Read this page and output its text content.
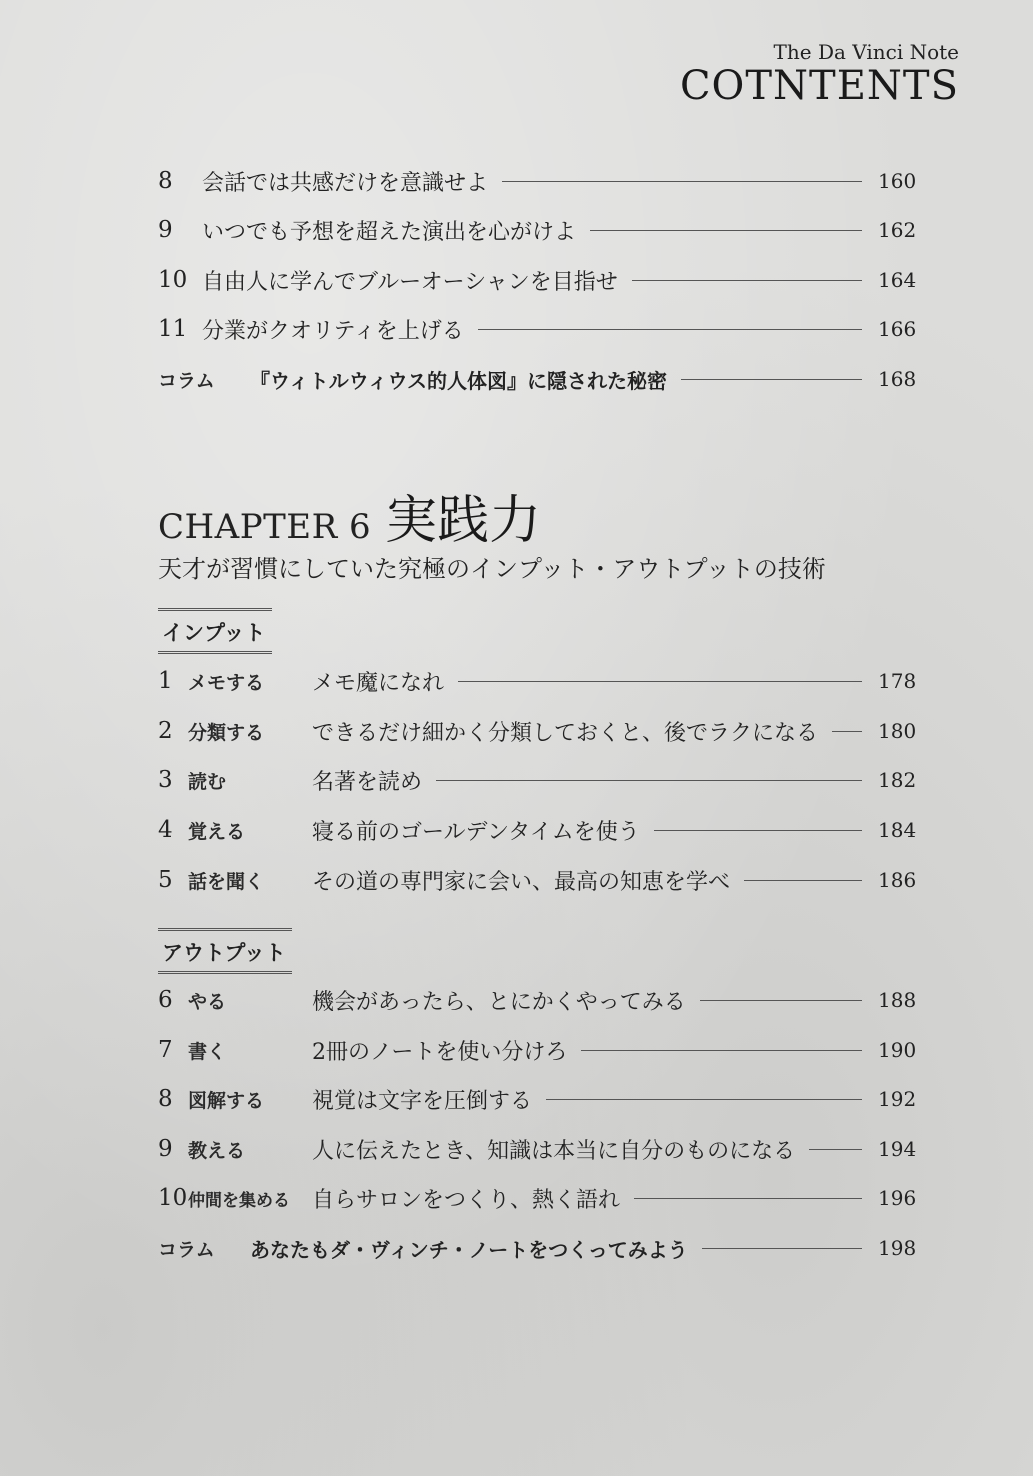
The Da Vinci Note
COTNTENTS
8	会話では共感だけを意識せよ	160
9	いつでも予想を超えた演出を心がけよ	162
10 自由人に学んでブルーオーシャンを目指せ	164
11 分業がクオリティを上げる	166
コラム	『ウィトルウィウス的人体図』に隠された秘密	168
CHAPTER 6 実践力
天才が習慣にしていた究極のインプット・アウトプットの技術
インプット
1 メモする	メモ魔になれ	178
2 分類する	できるだけ細かく分類しておくと、後でラクになる	180
3 読む	名著を読め	182
4 覚える	寝る前のゴールデンタイムを使う	184
5 話を聞く	その道の専門家に会い、最高の知恵を学べ	186
アウトプット
6 やる	機会があったら、とにかくやってみる	188
7 書く	2冊のノートを使い分けろ	190
8 図解する	視覚は文字を圧倒する	192
9 教える	人に伝えたとき、知識は本当に自分のものになる	194
10 仲間を集める	自らサロンをつくり、熱く語れ	196
コラム	あなたもダ・ヴィンチ・ノートをつくってみよう	198
